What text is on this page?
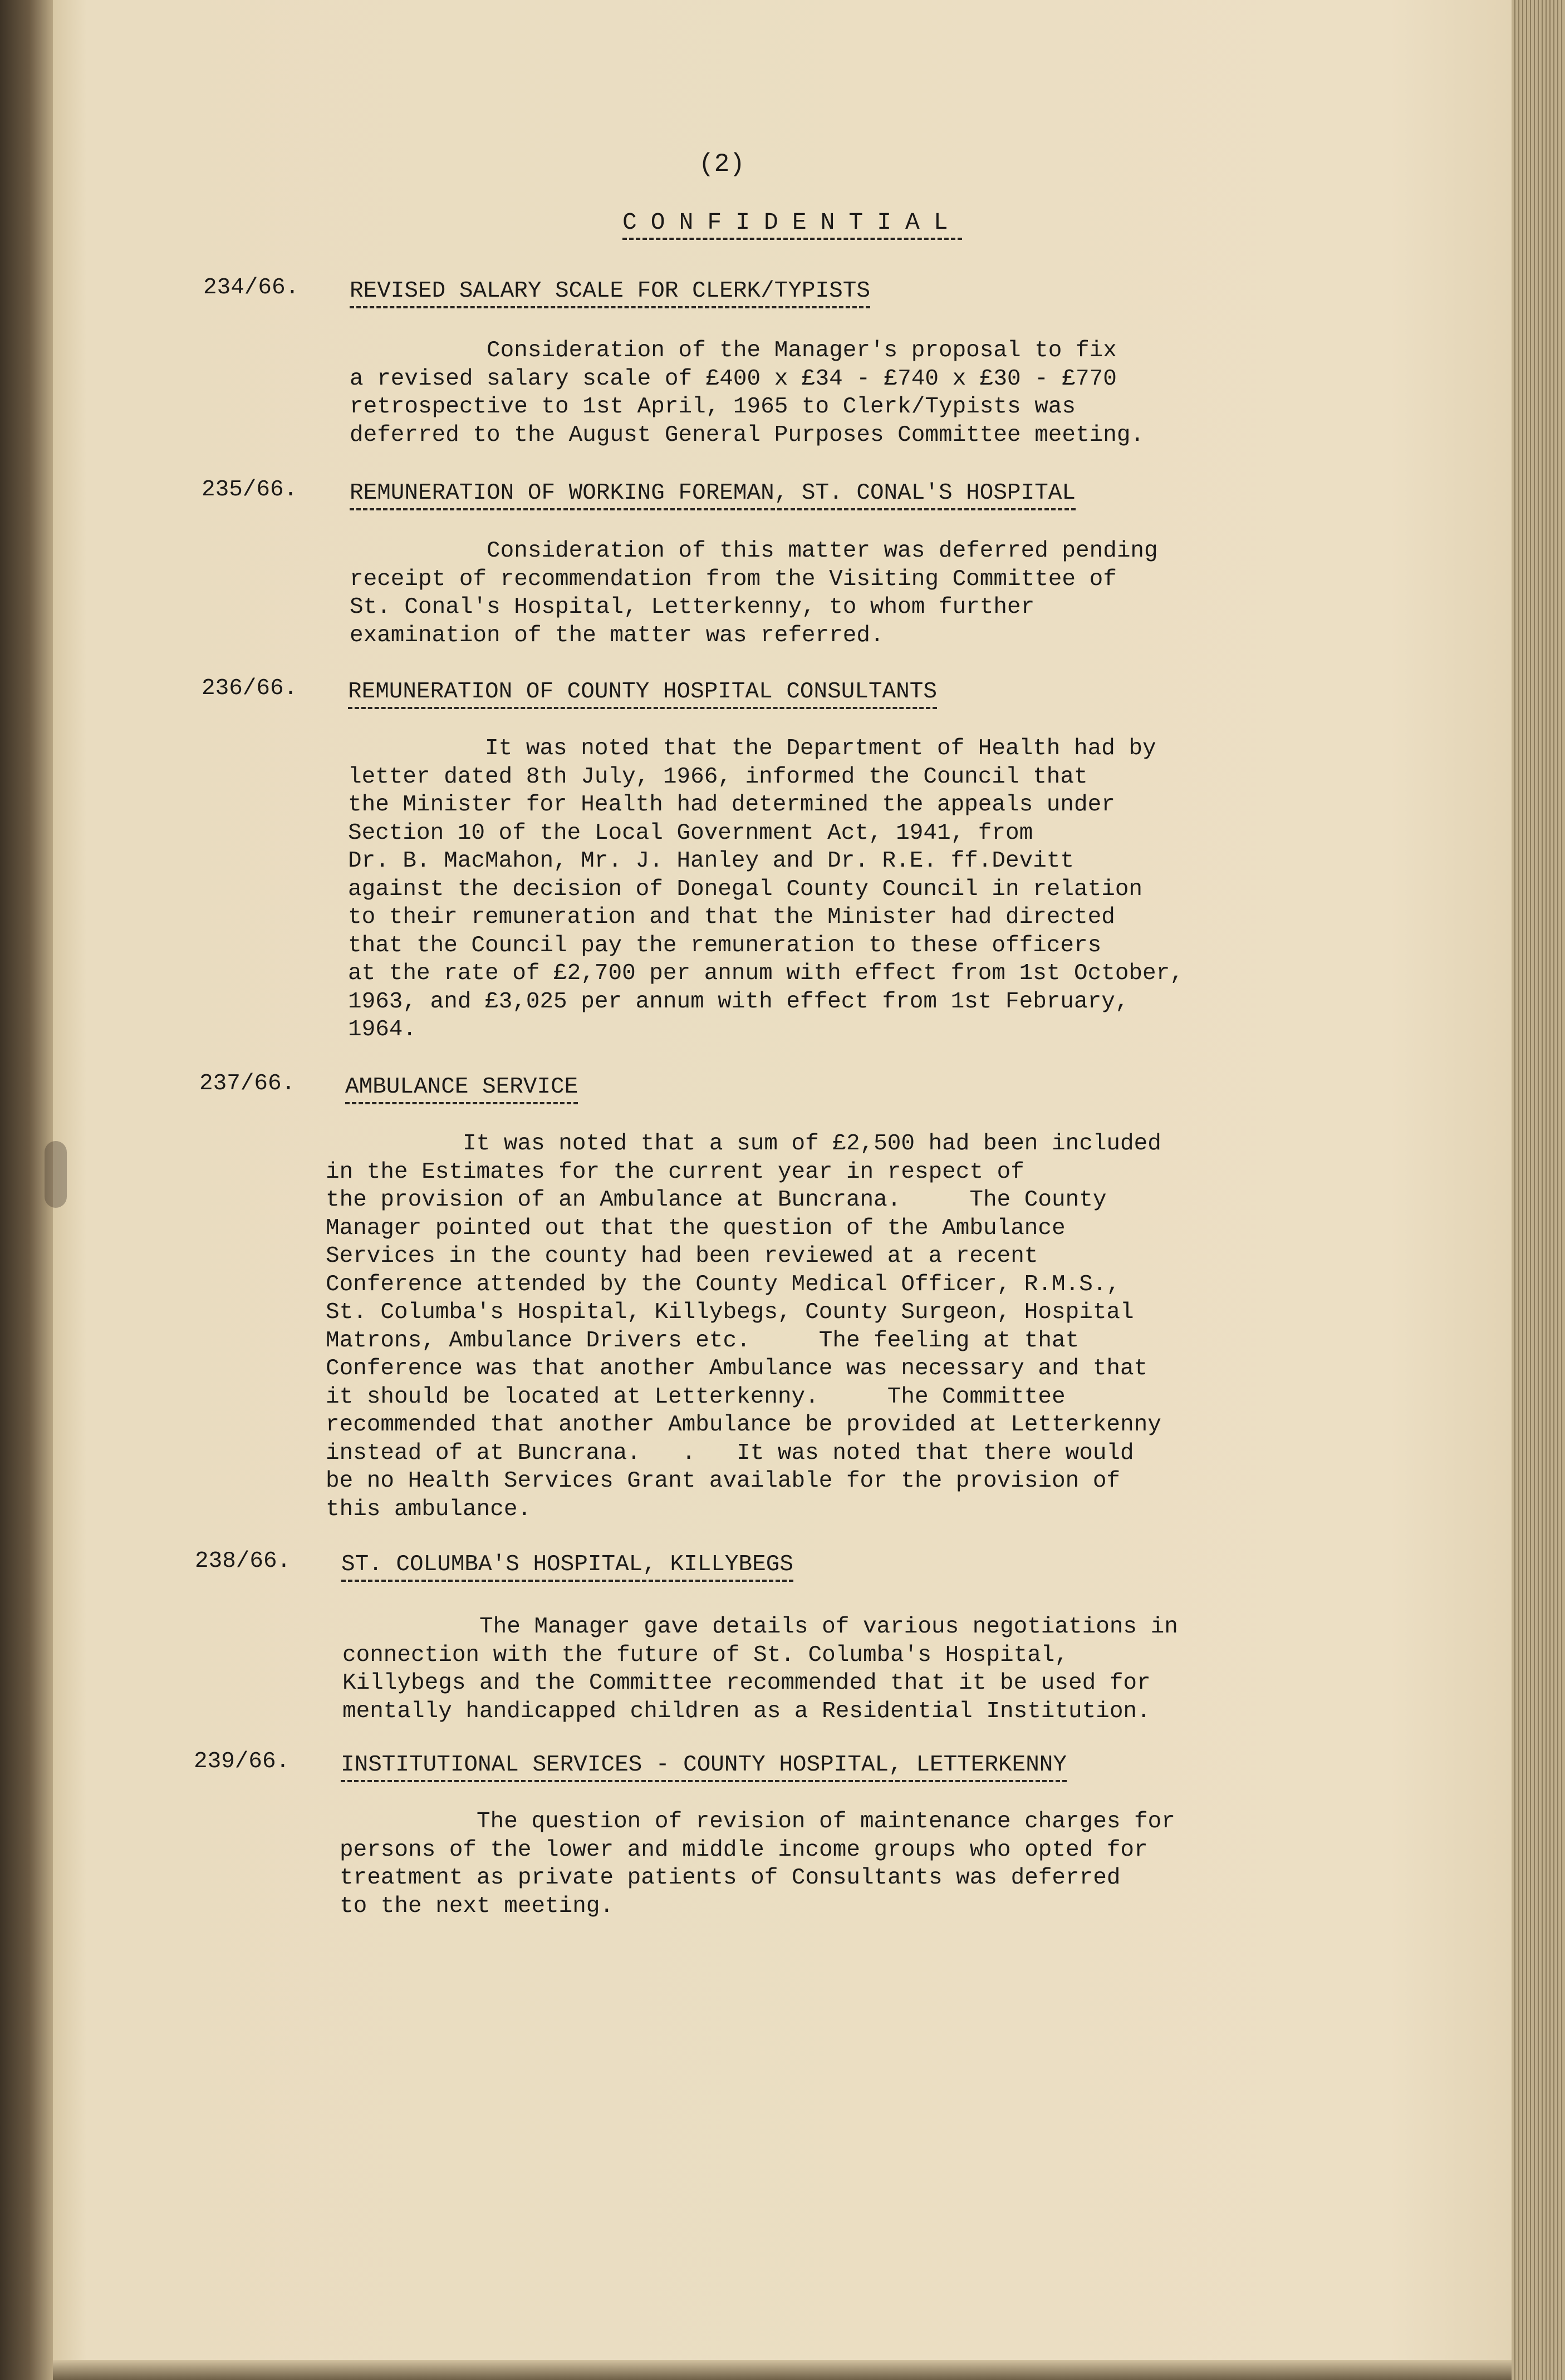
(2)
CONFIDENTIAL
234/66. REVISED SALARY SCALE FOR CLERK/TYPISTS
Consideration of the Manager's proposal to fix
a revised salary scale of £400 x £34 - £740 x £30 - £770
retrospective to 1st April, 1965 to Clerk/Typists was
deferred to the August General Purposes Committee meeting.
235/66. REMUNERATION OF WORKING FOREMAN, ST. CONAL'S HOSPITAL
Consideration of this matter was deferred pending
receipt of recommendation from the Visiting Committee of
St. Conal's Hospital, Letterkenny, to whom further
examination of the matter was referred.
236/66. REMUNERATION OF COUNTY HOSPITAL CONSULTANTS
It was noted that the Department of Health had by
letter dated 8th July, 1966, informed the Council that
the Minister for Health had determined the appeals under
Section 10 of the Local Government Act, 1941, from
Dr. B. MacMahon, Mr. J. Hanley and Dr. R.E. ff.Devitt
against the decision of Donegal County Council in relation
to their remuneration and that the Minister had directed
that the Council pay the remuneration to these officers
at the rate of £2,700 per annum with effect from 1st October,
1963, and £3,025 per annum with effect from 1st February,
1964.
237/66. AMBULANCE SERVICE
It was noted that a sum of £2,500 had been included
in the Estimates for the current year in respect of
the provision of an Ambulance at Buncrana.     The County
Manager pointed out that the question of the Ambulance
Services in the county had been reviewed at a recent
Conference attended by the County Medical Officer, R.M.S.,
St. Columba's Hospital, Killybegs, County Surgeon, Hospital
Matrons, Ambulance Drivers etc.     The feeling at that
Conference was that another Ambulance was necessary and that
it should be located at Letterkenny.     The Committee
recommended that another Ambulance be provided at Letterkenny
instead of at Buncrana.   .   It was noted that there would
be no Health Services Grant available for the provision of
this ambulance.
238/66. ST. COLUMBA'S HOSPITAL, KILLYBEGS
The Manager gave details of various negotiations in
connection with the future of St. Columba's Hospital,
Killybegs and the Committee recommended that it be used for
mentally handicapped children as a Residential Institution.
239/66. INSTITUTIONAL SERVICES - COUNTY HOSPITAL, LETTERKENNY
The question of revision of maintenance charges for
persons of the lower and middle income groups who opted for
treatment as private patients of Consultants was deferred
to the next meeting.
